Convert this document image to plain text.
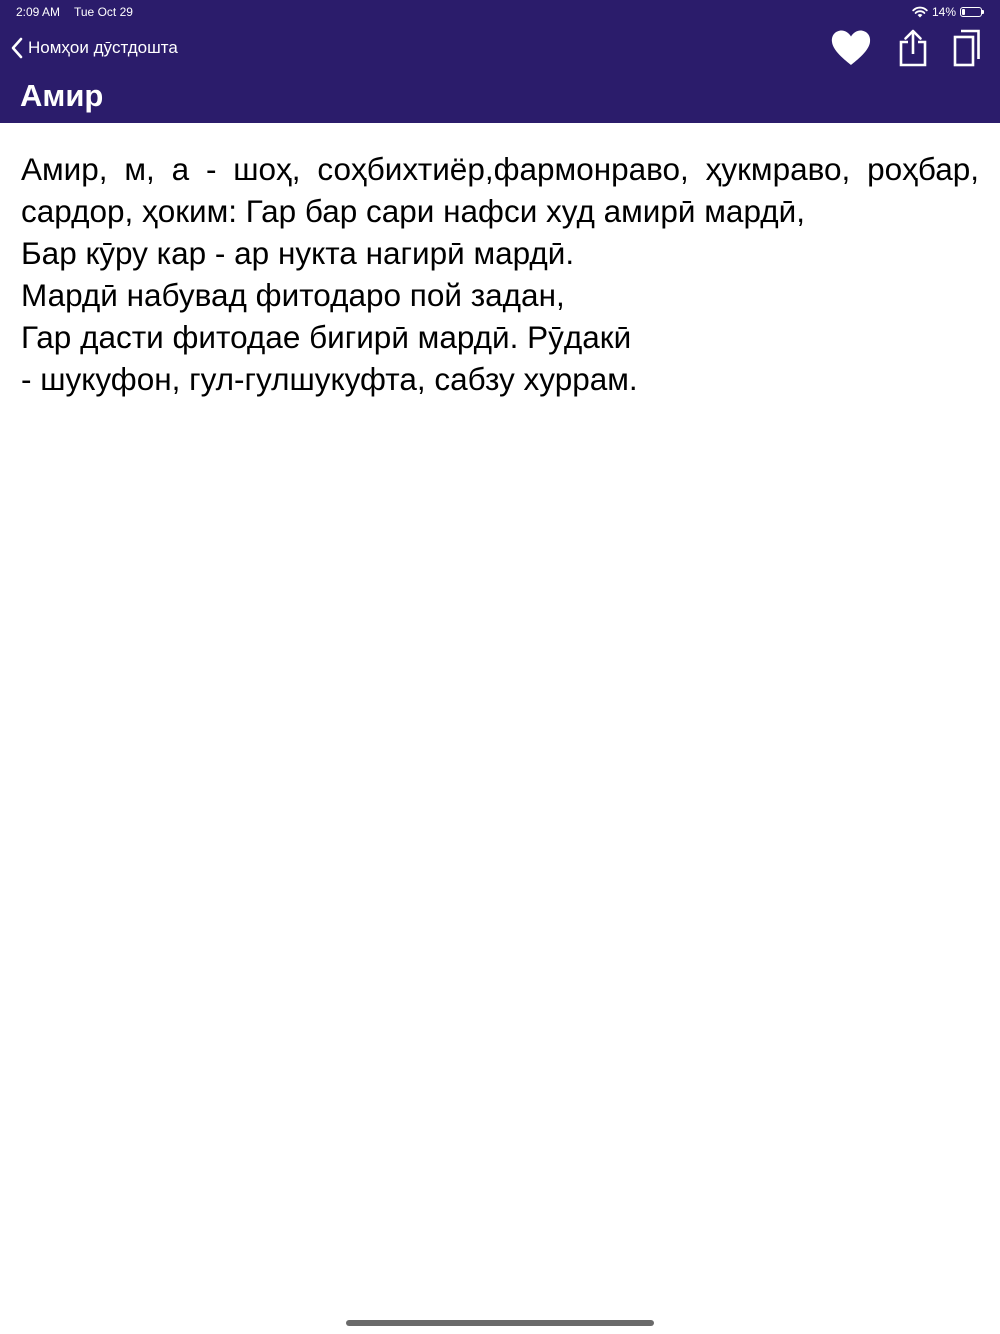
2:09 AM Tue Oct 29	14%
Номҳои дӯстдошта
Амир

Амир, м, а - шоҳ, соҳбихтиёр,фармонраво, ҳукмраво, роҳбар, сардор, ҳоким: Гар бар сари нафси худ амирӣ мардӣ,

Бар кӯру кар - ар нукта нагирӣ мардӣ.

Мардӣ набувад фитодаро пой задан,

Гар дасти фитодае бигирӣ мардӣ. Рӯдакӣ

- шукуфон, гул-гулшукуфта, сабзу хуррам.
